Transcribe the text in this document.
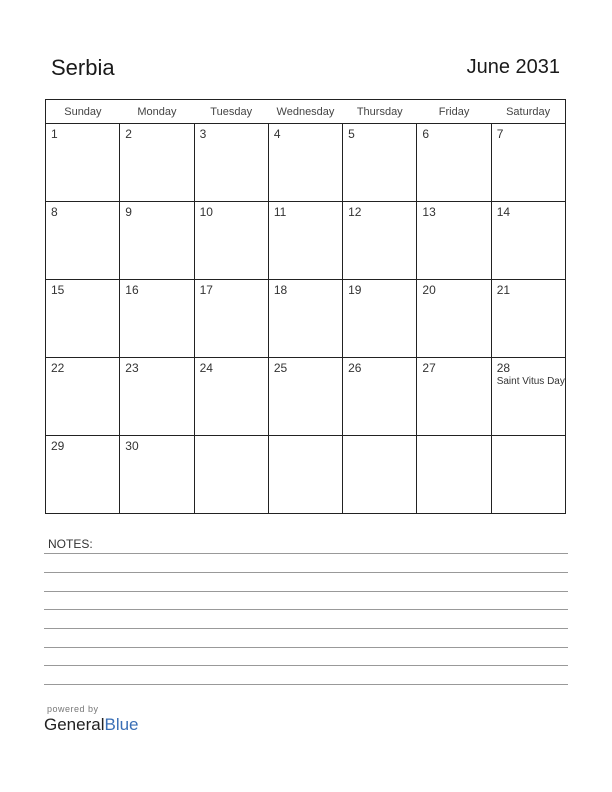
Serbia	June 2031
Sunday	Monday	Tuesday	Wednesday	Thursday	Friday	Saturday

1	2	3	4	5	6	7

8	9	10	11	12	13	14

15	16	17	18	19	20	21

22	23	24	25	26	27	28
Saint Vitus Day

29	30					

NOTES:
powered by
GeneralBlue
